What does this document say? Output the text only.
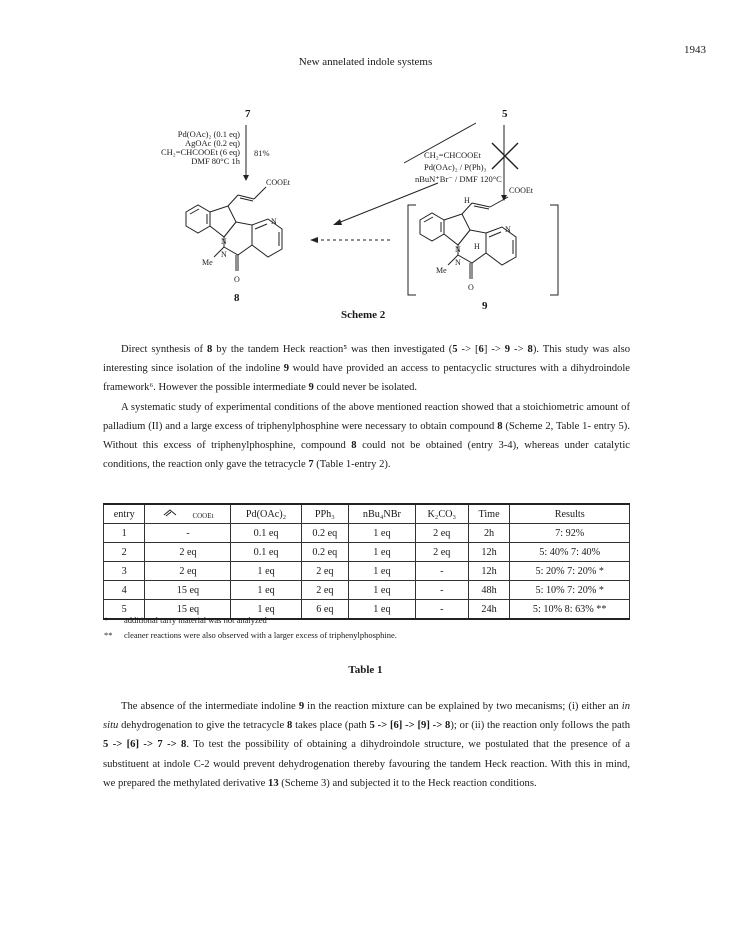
1943
New annelated indole systems
7	5
Pd(OAc)₂ (0.1 eq)
AgOAc (0.2 eq)
CH₂=CHCOOEt (6 eq)
DMF 80°C 1h
81%	CH₂=CHCOOEt
Pd(OAc)₂ / P(Ph)₃
nBuN⁺Br⁻ / DMF 120°C
COOEt
N
N
N
Me
O
8
H
H
COOEt
N
N
N
Me
O
9
Scheme 2

Direct synthesis of 8 by the tandem Heck reaction⁵ was then investigated (5 -> [6] -> 9 -> 8). This study was also interesting since isolation of the indoline 9 would have provided an access to pentacyclic structures with a dihydroindole framework⁶. However the possible intermediate 9 could never be isolated.

A systematic study of experimental conditions of the above mentioned reaction showed that a stoichiometric amount of palladium (II) and a large excess of triphenylphosphine were necessary to obtain compound 8 (Scheme 2, Table 1- entry 5). Without this excess of triphenylphosphine, compound 8 could not be obtained (entry 3-4), whereas under catalytic conditions, the reaction only gave the tetracycle 7 (Table 1-entry 2).

entry	COOEt	Pd(OAc)₂	PPh₃	nBu₄NBr	K₂CO₃	Time	Results
1	-	0.1 eq	0.2 eq	1 eq	2 eq	2h	7: 92%
2	2 eq	0.1 eq	0.2 eq	1 eq	2 eq	12h	5: 40% 7: 40%
3	2 eq	1 eq	2 eq	1 eq	-	12h	5: 20% 7: 20% *
4	15 eq	1 eq	2 eq	1 eq	-	48h	5: 10% 7: 20% *
5	15 eq	1 eq	6 eq	1 eq	-	24h	5: 10% 8: 63% **
* additional tarry material was not analyzed
** cleaner reactions were also observed with a larger excess of triphenylphosphine.
Table 1

The absence of the intermediate indoline 9 in the reaction mixture can be explained by two mecanisms; (i) either an in situ dehydrogenation to give the tetracycle 8 takes place (path 5 -> [6] -> [9] -> 8); or (ii) the reaction only follows the path 5 -> [6] -> 7 -> 8. To test the possibility of obtaining a dihydroindole structure, we postulated that the presence of a substituent at indole C-2 would prevent dehydrogenation thereby favouring the tandem Heck reaction. With this in mind, we prepared the methylated derivative 13 (Scheme 3) and subjected it to the Heck reaction conditions.
